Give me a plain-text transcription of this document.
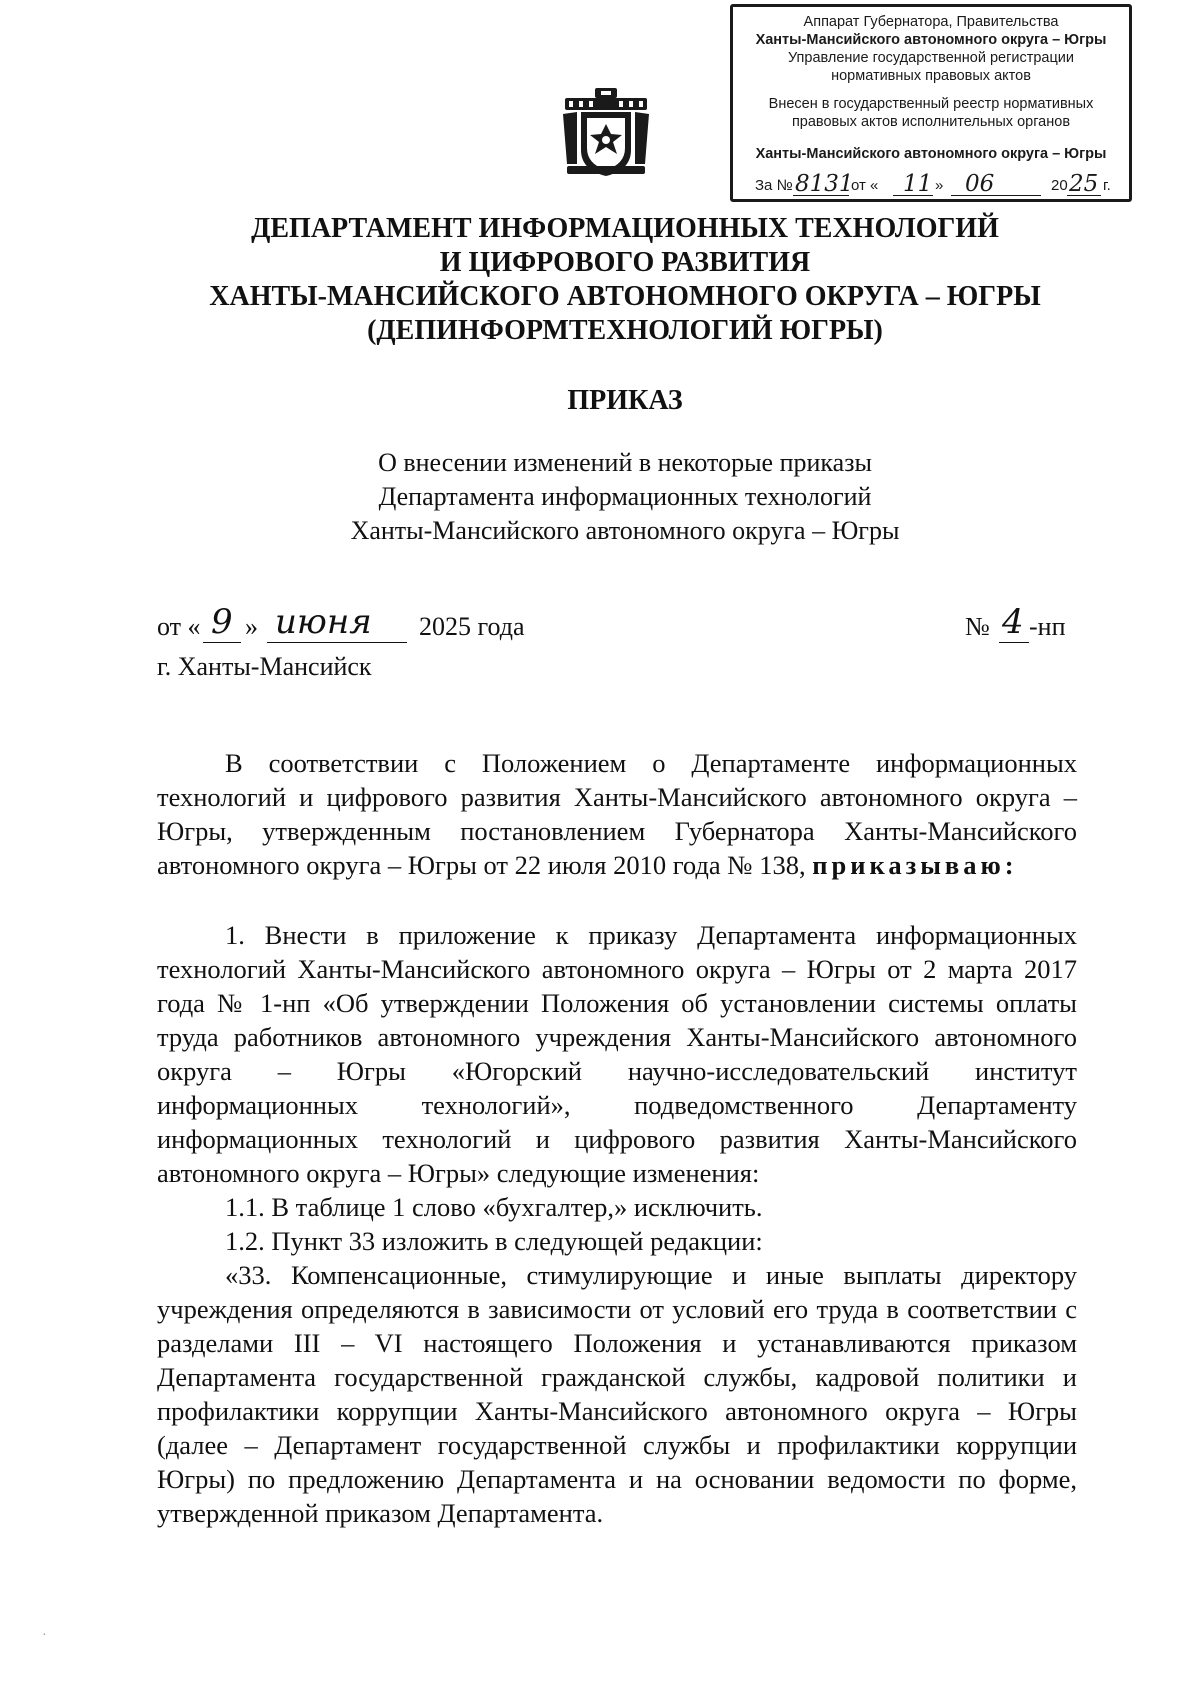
Аппарат Губернатора, Правительства
Ханты-Мансийского автономного округа – Югры
Управление государственной регистрации
нормативных правовых актов
Внесен в государственный реестр нормативных
правовых актов исполнительных органов
Ханты-Мансийского автономного округа – Югры
За № 8131
от « 11 » 06	20 25 г.
ДЕПАРТАМЕНТ ИНФОРМАЦИОННЫХ ТЕХНОЛОГИЙ
И ЦИФРОВОГО РАЗВИТИЯ
ХАНТЫ-МАНСИЙСКОГО АВТОНОМНОГО ОКРУГА – ЮГРЫ
(ДЕПИНФОРМТЕХНОЛОГИЙ ЮГРЫ)
ПРИКАЗ
О внесении изменений в некоторые приказы
Департамента информационных технологий
Ханты-Мансийского автономного округа – Югры
от « 9 » июня 2025 года	№ 4 -нп
г. Ханты-Мансийск

В соответствии с Положением о Департаменте информационных технологий и цифрового развития Ханты-Мансийского автономного округа – Югры, утвержденным постановлением Губернатора Ханты-Мансийского автономного округа – Югры от 22 июля 2010 года № 138, приказываю:

1. Внести в приложение к приказу Департамента информационных технологий Ханты-Мансийского автономного округа – Югры от 2 марта 2017 года № 1-нп «Об утверждении Положения об установлении системы оплаты труда работников автономного учреждения Ханты-Мансийского автономного округа – Югры «Югорский научно-исследовательский институт информационных технологий», подведомственного Департаменту информационных технологий и цифрового развития Ханты-Мансийского автономного округа – Югры» следующие изменения:

1.1. В таблице 1 слово «бухгалтер,» исключить.

1.2. Пункт 33 изложить в следующей редакции:

«33. Компенсационные, стимулирующие и иные выплаты директору учреждения определяются в зависимости от условий его труда в соответствии с разделами III – VI настоящего Положения и устанавливаются приказом Департамента государственной гражданской службы, кадровой политики и профилактики коррупции Ханты-Мансийского автономного округа – Югры (далее – Департамент государственной службы и профилактики коррупции Югры) по предложению Департамента и на основании ведомости по форме, утвержденной приказом Департамента.

·
